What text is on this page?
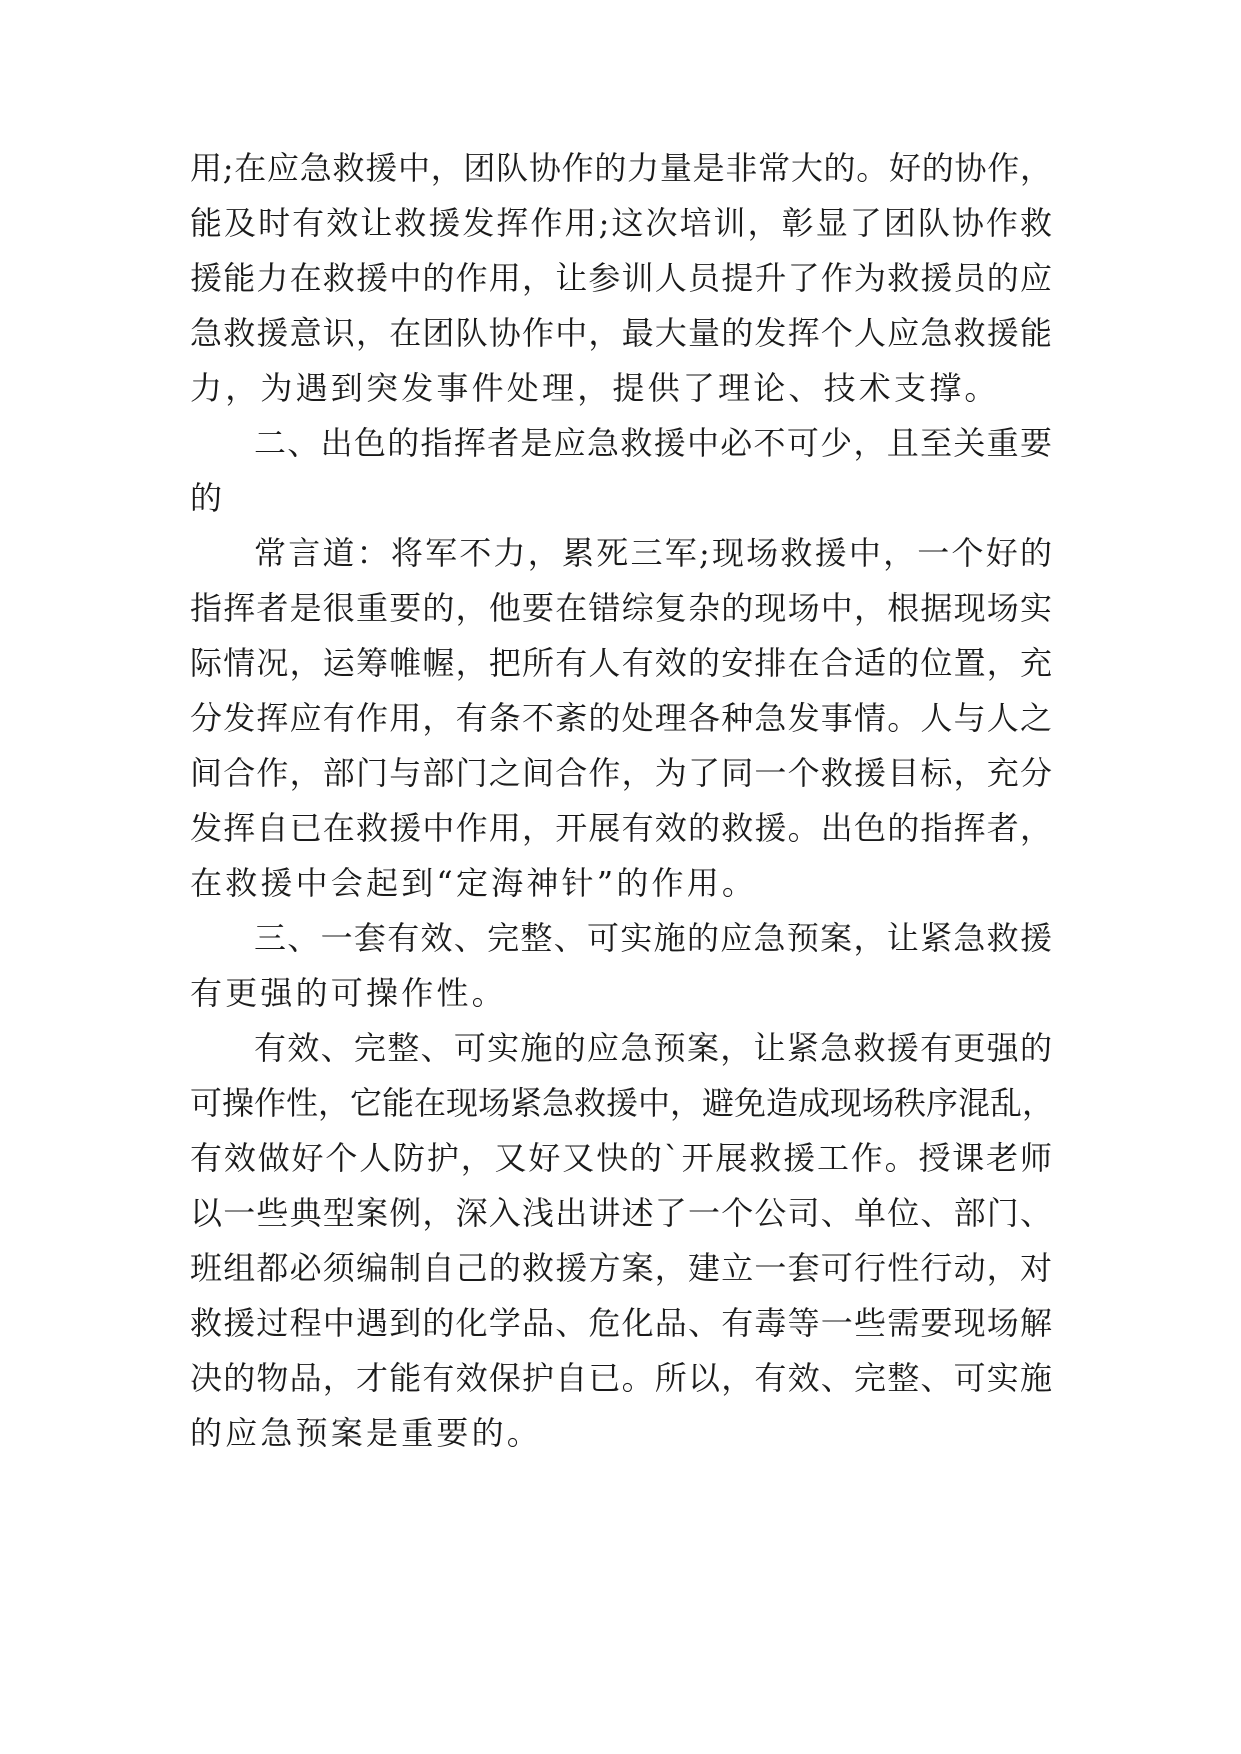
用;在应急救援中，团队协作的力量是非常大的。好的协作，
能及时有效让救援发挥作用;这次培训，彰显了团队协作救
援能力在救援中的作用，让参训人员提升了作为救援员的应
急救援意识，在团队协作中，最大量的发挥个人应急救援能
力，为遇到突发事件处理，提供了理论、技术支撑。
二、出色的指挥者是应急救援中必不可少，且至关重要
的
常言道：将军不力，累死三军;现场救援中，一个好的
指挥者是很重要的，他要在错综复杂的现场中，根据现场实
际情况，运筹帷幄，把所有人有效的安排在合适的位置，充
分发挥应有作用，有条不紊的处理各种急发事情。人与人之
间合作，部门与部门之间合作，为了同一个救援目标，充分
发挥自已在救援中作用，开展有效的救援。出色的指挥者，
在救援中会起到“定海神针”的作用。
三、一套有效、完整、可实施的应急预案，让紧急救援
有更强的可操作性。
有效、完整、可实施的应急预案，让紧急救援有更强的
可操作性，它能在现场紧急救援中，避免造成现场秩序混乱，
有效做好个人防护，又好又快的`开展救援工作。授课老师
以一些典型案例，深入浅出讲述了一个公司、单位、部门、
班组都必须编制自己的救援方案，建立一套可行性行动，对
救援过程中遇到的化学品、危化品、有毒等一些需要现场解
决的物品，才能有效保护自已。所以，有效、完整、可实施
的应急预案是重要的。
